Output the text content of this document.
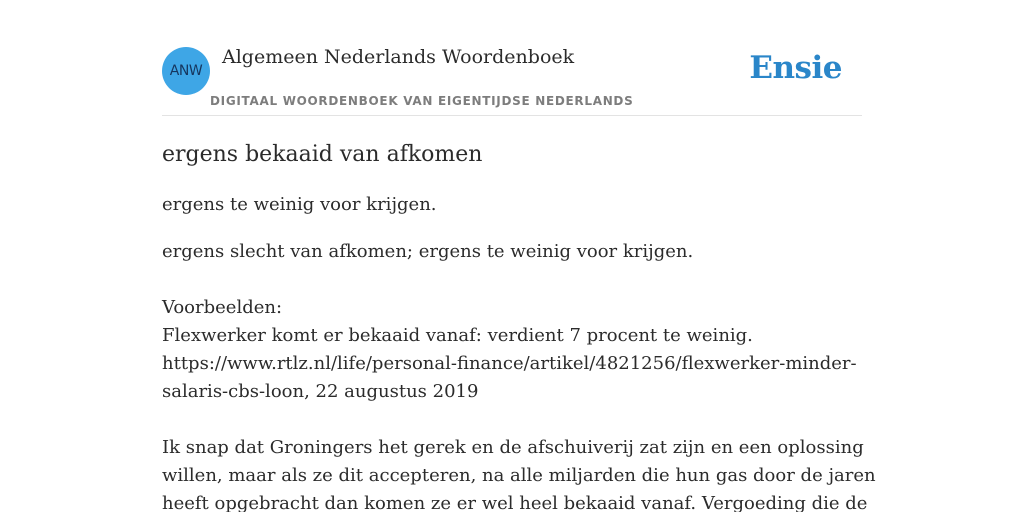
ANW
Algemeen Nederlands Woordenboek
DIGITAAL WOORDENBOEK VAN EIGENTIJDSE NEDERLANDS
Ensie
ergens bekaaid van afkomen
ergens te weinig voor krijgen.
ergens slecht van afkomen; ergens te weinig voor krijgen.
Voorbeelden:
Flexwerker komt er bekaaid vanaf: verdient 7 procent te weinig.
https://www.rtlz.nl/life/personal-finance/artikel/4821256/flexwerker-minder-
salaris-cbs-loon, 22 augustus 2019
Ik snap dat Groningers het gerek en de afschuiverij zat zijn en een oplossing
willen, maar als ze dit accepteren, na alle miljarden die hun gas door de jaren
heeft opgebracht dan komen ze er wel heel bekaaid vanaf. Vergoeding die de
